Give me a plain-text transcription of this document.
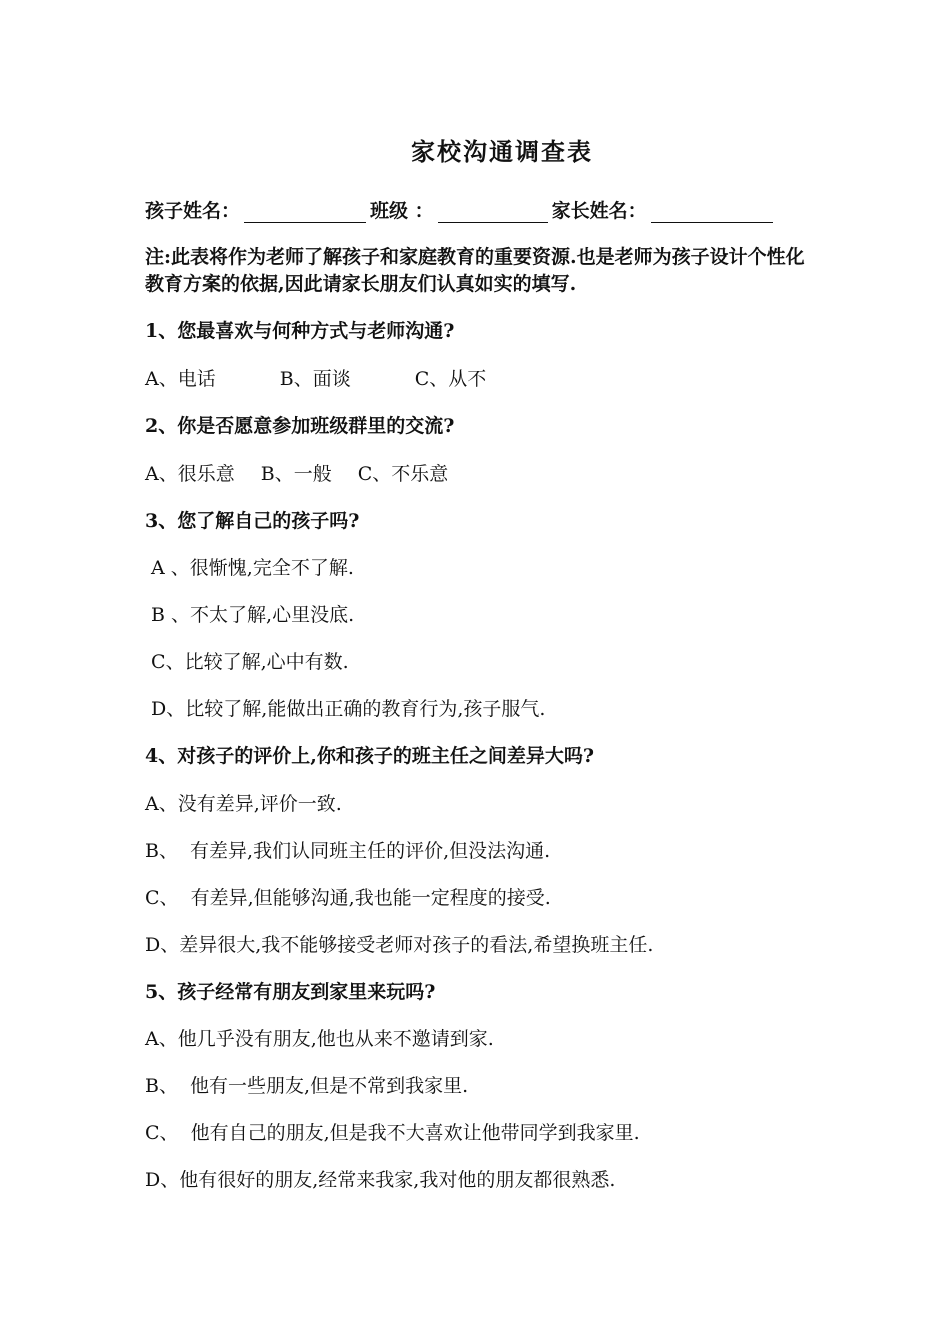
家校沟通调查表
孩子姓名：	班级 ：	家长姓名：

注:此表将作为老师了解孩子和家庭教育的重要资源.也是老师为孩子设计个性化教育方案的依据,因此请家长朋友们认真如实的填写.

1、您最喜欢与何种方式与老师沟通?

A、电话	B、面谈	C、从不

2、你是否愿意参加班级群里的交流?

A、很乐意 B、一般 C、不乐意

3、您了解自己的孩子吗?

A 、很惭愧,完全不了解.

B 、不太了解,心里没底.

C、比较了解,心中有数.

D、比较了解,能做出正确的教育行为,孩子服气.

4、对孩子的评价上,你和孩子的班主任之间差异大吗?

A、没有差异,评价一致.

B、  有差异,我们认同班主任的评价,但没法沟通.

C、  有差异,但能够沟通,我也能一定程度的接受.

D、差异很大,我不能够接受老师对孩子的看法,希望换班主任.

5、孩子经常有朋友到家里来玩吗?

A、他几乎没有朋友,他也从来不邀请到家.

B、  他有一些朋友,但是不常到我家里.

C、  他有自己的朋友,但是我不大喜欢让他带同学到我家里.

D、他有很好的朋友,经常来我家,我对他的朋友都很熟悉.
